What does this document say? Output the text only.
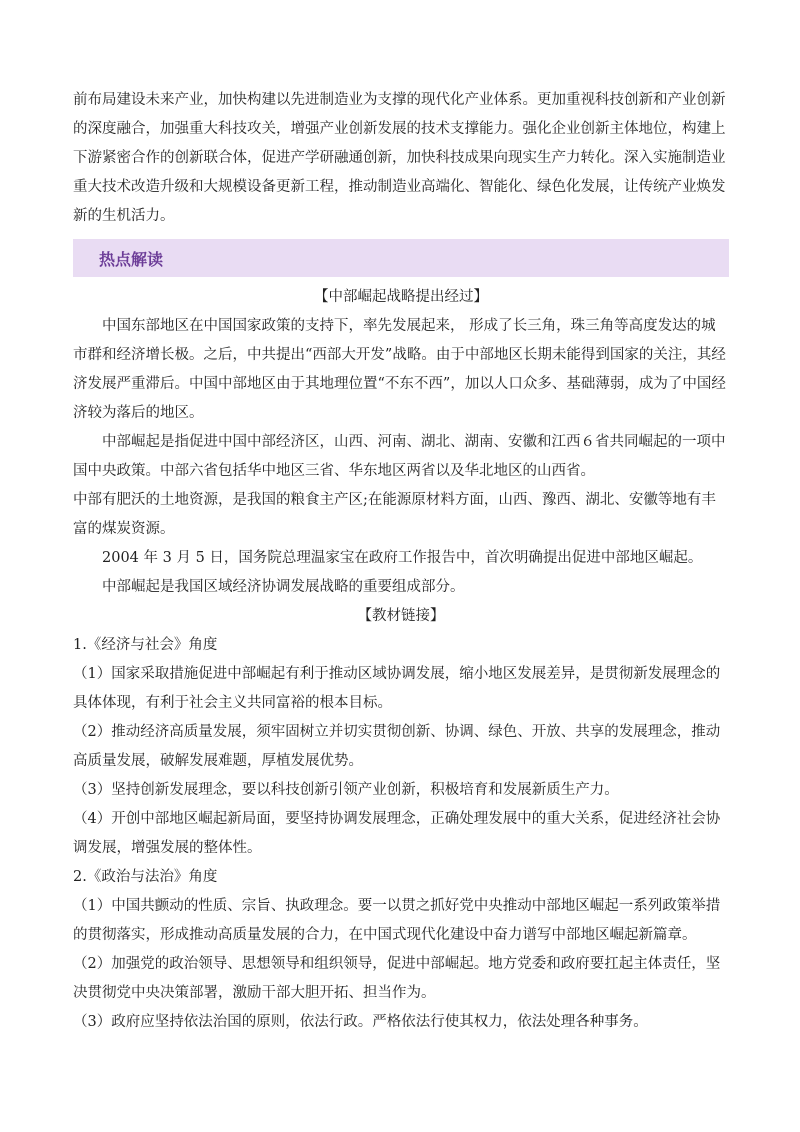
前布局建设未来产业，加快构建以先进制造业为支撑的现代化产业体系。更加重视科技创新和产业创新的深度融合，加强重大科技攻关，增强产业创新发展的技术支撑能力。强化企业创新主体地位，构建上下游紧密合作的创新联合体，促进产学研融通创新，加快科技成果向现实生产力转化。深入实施制造业重大技术改造升级和大规模设备更新工程，推动制造业高端化、智能化、绿色化发展，让传统产业焕发新的生机活力。

热点解读

【中部崛起战略提出经过】

中国东部地区在中国国家政策的支持下，率先发展起来， 形成了长三角，珠三角等高度发达的城市群和经济增长极。之后，中共提出“西部大开发”战略。由于中部地区长期未能得到国家的关注，其经济发展严重滞后。中国中部地区由于其地理位置“不东不西”，加以人口众多、基础薄弱，成为了中国经济较为落后的地区。

中部崛起是指促进中国中部经济区，山西、河南、湖北、湖南、安徽和江西６省共同崛起的一项中国中央政策。中部六省包括华中地区三省、华东地区两省以及华北地区的山西省。

中部有肥沃的土地资源，是我国的粮食主产区;在能源原材料方面，山西、豫西、湖北、安徽等地有丰富的煤炭资源。

2004 年 3 月 5 日，国务院总理温家宝在政府工作报告中，首次明确提出促进中部地区崛起。

中部崛起是我国区域经济协调发展战略的重要组成部分。

【教材链接】

1.《经济与社会》角度

（1）国家采取措施促进中部崛起有利于推动区域协调发展，缩小地区发展差异，是贯彻新发展理念的具体体现，有利于社会主义共同富裕的根本目标。

（2）推动经济高质量发展，须牢固树立并切实贯彻创新、协调、绿色、开放、共享的发展理念，推动高质量发展，破解发展难题，厚植发展优势。

（3）坚持创新发展理念，要以科技创新引领产业创新，积极培育和发展新质生产力。

（4）开创中部地区崛起新局面，要坚持协调发展理念，正确处理发展中的重大关系，促进经济社会协调发展，增强发展的整体性。

2.《政治与法治》角度

（1）中国共颤动的性质、宗旨、执政理念。要一以贯之抓好党中央推动中部地区崛起一系列政策举措的贯彻落实，形成推动高质量发展的合力，在中国式现代化建设中奋力谱写中部地区崛起新篇章。

（2）加强党的政治领导、思想领导和组织领导，促进中部崛起。地方党委和政府要扛起主体责任，坚决贯彻党中央决策部署，激励干部大胆开拓、担当作为。

（3）政府应坚持依法治国的原则，依法行政。严格依法行使其权力，依法处理各种事务。
